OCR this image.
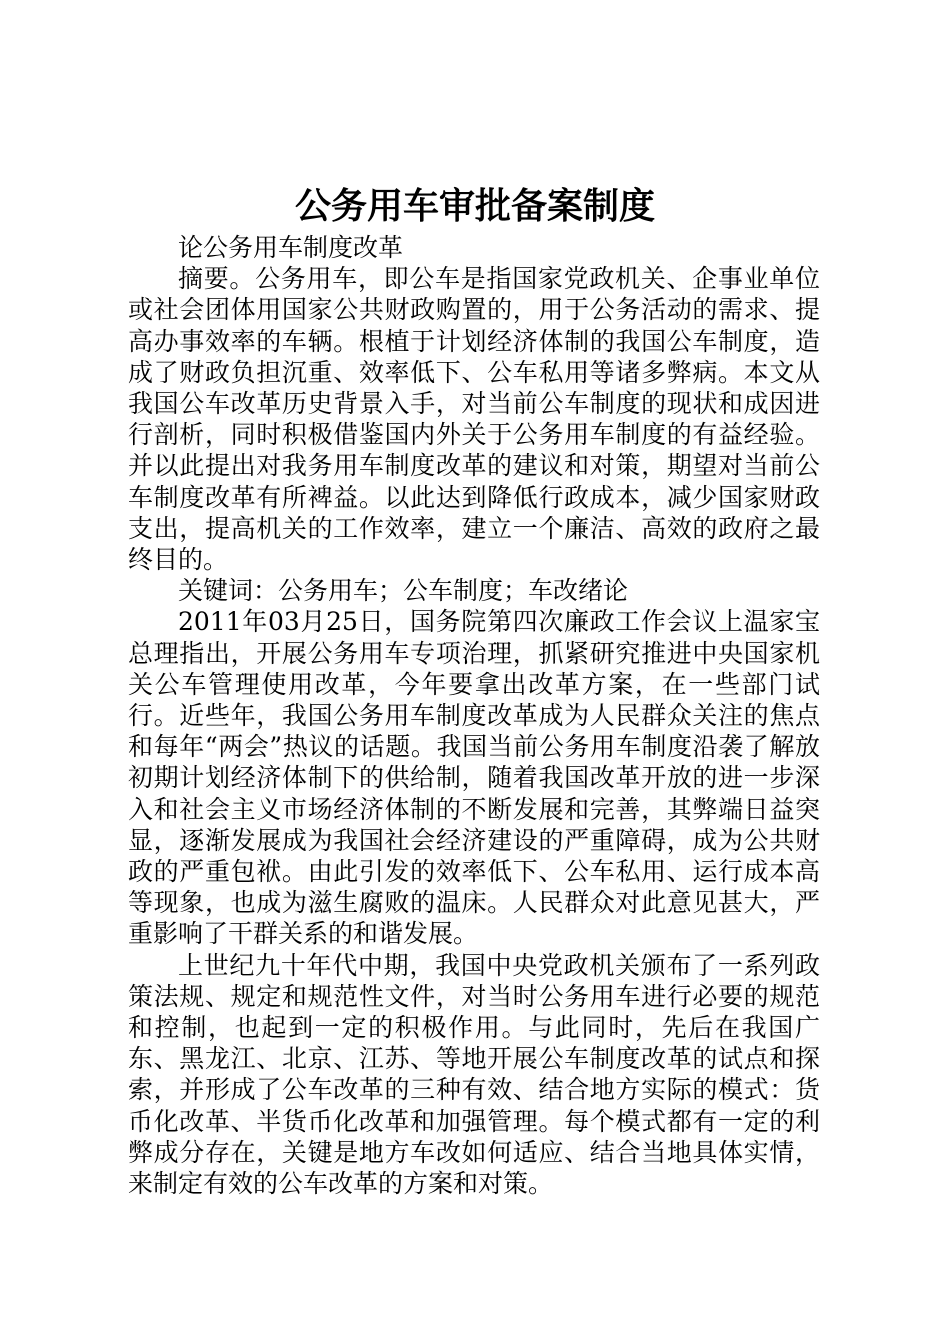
公务用车审批备案制度

论公务用车制度改革

摘要。公务用车，即公车是指国家党政机关、企事业单位或社会团体用国家公共财政购置的，用于公务活动的需求、提高办事效率的车辆。根植于计划经济体制的我国公车制度，造成了财政负担沉重、效率低下、公车私用等诸多弊病。本文从我国公车改革历史背景入手，对当前公车制度的现状和成因进行剖析，同时积极借鉴国内外关于公务用车制度的有益经验。并以此提出对我务用车制度改革的建议和对策，期望对当前公车制度改革有所裨益。以此达到降低行政成本，减少国家财政支出，提高机关的工作效率，建立一个廉洁、高效的政府之最终目的。

关键词：公务用车；公车制度；车改绪论

2011年03月25日，国务院第四次廉政工作会议上温家宝总理指出，开展公务用车专项治理，抓紧研究推进中央国家机关公车管理使用改革，今年要拿出改革方案，在一些部门试行。近些年，我国公务用车制度改革成为人民群众关注的焦点和每年“两会”热议的话题。我国当前公务用车制度沿袭了解放初期计划经济体制下的供给制，随着我国改革开放的进一步深入和社会主义市场经济体制的不断发展和完善，其弊端日益突显，逐渐发展成为我国社会经济建设的严重障碍，成为公共财政的严重包袱。由此引发的效率低下、公车私用、运行成本高等现象，也成为滋生腐败的温床。人民群众对此意见甚大，严重影响了干群关系的和谐发展。

上世纪九十年代中期，我国中央党政机关颁布了一系列政策法规、规定和规范性文件，对当时公务用车进行必要的规范和控制，也起到一定的积极作用。与此同时，先后在我国广东、黑龙江、北京、江苏、等地开展公车制度改革的试点和探索，并形成了公车改革的三种有效、结合地方实际的模式：货币化改革、半货币化改革和加强管理。每个模式都有一定的利弊成分存在，关键是地方车改如何适应、结合当地具体实情，来制定有效的公车改革的方案和对策。
